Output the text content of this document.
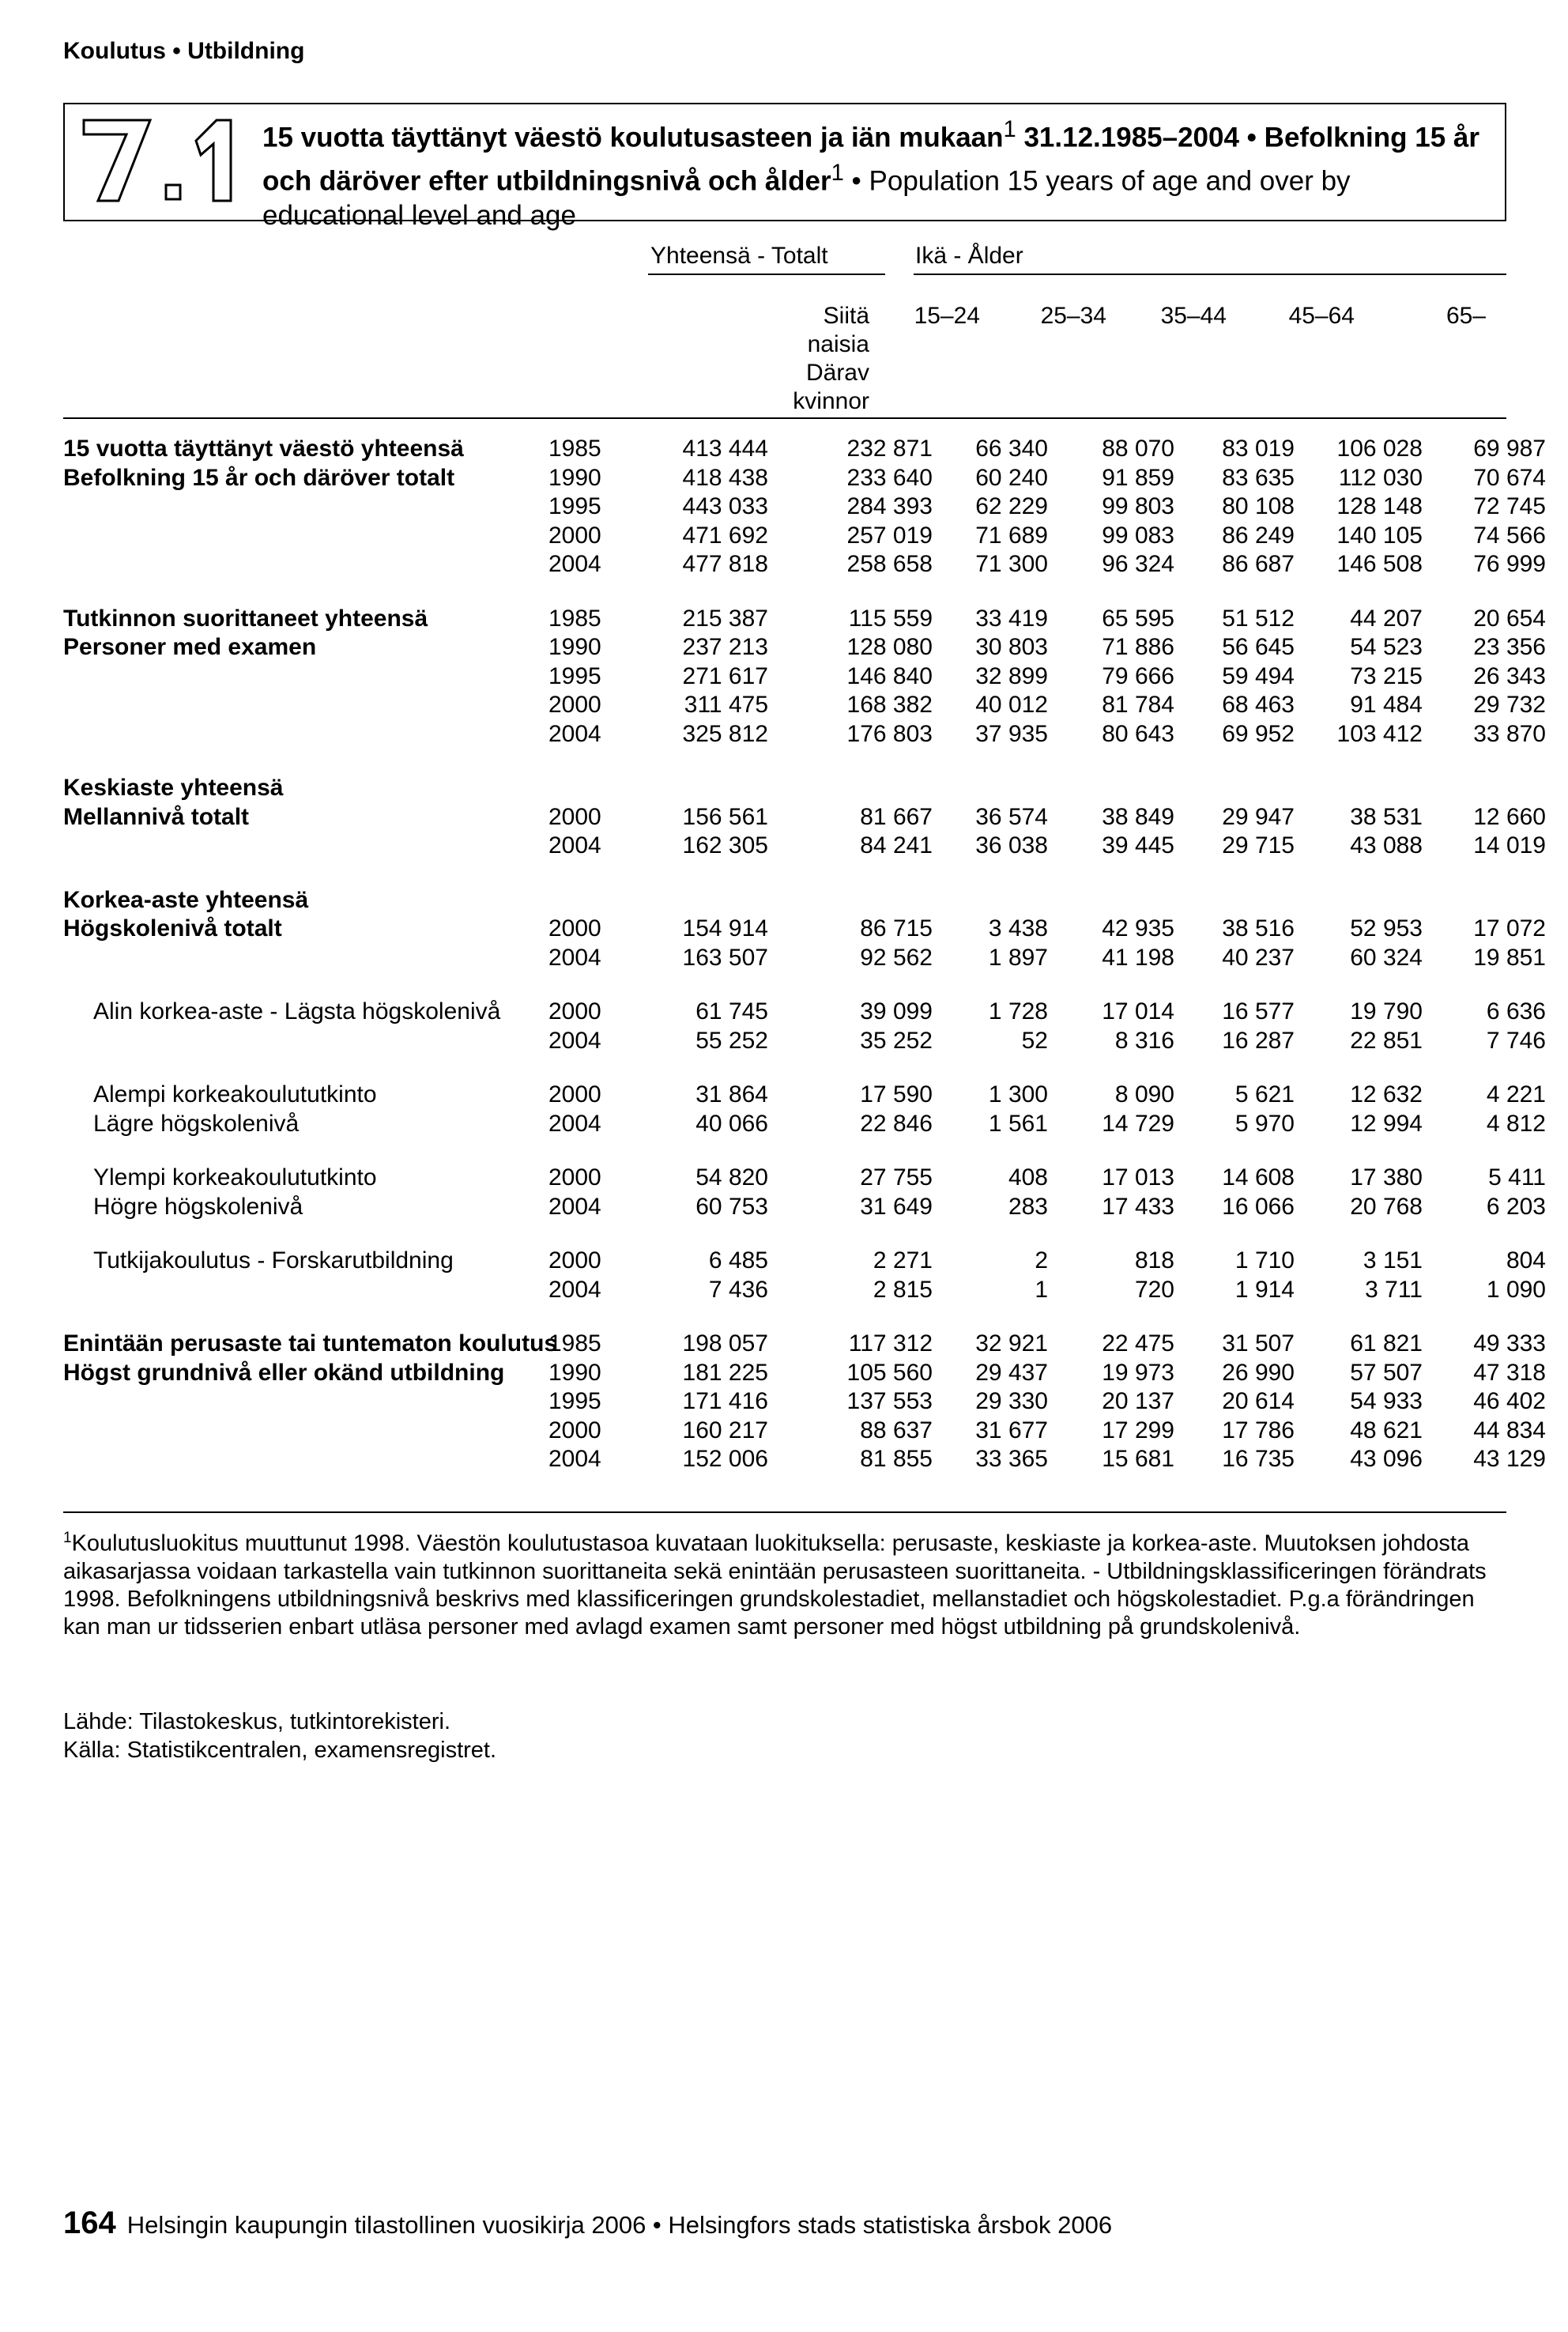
Koulutus • Utbildning
15 vuotta täyttänyt väestö koulutusasteen ja iän mukaan$^1$ 31.12.1985–2004 • Befolkning 15 år och däröver efter utbildningsnivå och ålder$^1$ • Population 15 years of age and over by educational level and age
Yhteensä - Totalt	Ikä - Ålder
Siitä
naisia
Därav
kvinnor
15–24	25–34	35–44	45–64	65–
15 vuotta täyttänyt väestö yhteensä	1985	413 444	232 871	66 340	88 070	83 019	106 028	69 987
Befolkning 15 år och däröver totalt	1990	418 438	233 640	60 240	91 859	83 635	112 030	70 674
	1995	443 033	284 393	62 229	99 803	80 108	128 148	72 745
	2000	471 692	257 019	71 689	99 083	86 249	140 105	74 566
	2004	477 818	258 658	71 300	96 324	86 687	146 508	76 999

Tutkinnon suorittaneet yhteensä	1985	215 387	115 559	33 419	65 595	51 512	44 207	20 654
Personer med examen	1990	237 213	128 080	30 803	71 886	56 645	54 523	23 356
	1995	271 617	146 840	32 899	79 666	59 494	73 215	26 343
	2000	311 475	168 382	40 012	81 784	68 463	91 484	29 732
	2004	325 812	176 803	37 935	80 643	69 952	103 412	33 870

Keskiaste yhteensä								
Mellannivå totalt	2000	156 561	81 667	36 574	38 849	29 947	38 531	12 660
	2004	162 305	84 241	36 038	39 445	29 715	43 088	14 019

Korkea-aste yhteensä								
Högskolenivå totalt	2000	154 914	86 715	3 438	42 935	38 516	52 953	17 072
	2004	163 507	92 562	1 897	41 198	40 237	60 324	19 851

Alin korkea-aste - Lägsta högskolenivå	2000	61 745	39 099	1 728	17 014	16 577	19 790	6 636
	2004	55 252	35 252	52	8 316	16 287	22 851	7 746

Alempi korkeakoulututkinto	2000	31 864	17 590	1 300	8 090	5 621	12 632	4 221
Lägre högskolenivå	2004	40 066	22 846	1 561	14 729	5 970	12 994	4 812

Ylempi korkeakoulututkinto	2000	54 820	27 755	408	17 013	14 608	17 380	5 411
Högre högskolenivå	2004	60 753	31 649	283	17 433	16 066	20 768	6 203

Tutkijakoulutus - Forskarutbildning	2000	6 485	2 271	2	818	1 710	3 151	804
	2004	7 436	2 815	1	720	1 914	3 711	1 090

Enintään perusaste tai tuntematon koulutus	1985	198 057	117 312	32 921	22 475	31 507	61 821	49 333
Högst grundnivå eller okänd utbildning	1990	181 225	105 560	29 437	19 973	26 990	57 507	47 318
	1995	171 416	137 553	29 330	20 137	20 614	54 933	46 402
	2000	160 217	88 637	31 677	17 299	17 786	48 621	44 834
	2004	152 006	81 855	33 365	15 681	16 735	43 096	43 129
$^1$Koulutusluokitus muuttunut 1998. Väestön koulutustasoa kuvataan luokituksella: perusaste, keskiaste ja korkea-aste. Muutoksen johdosta aikasarjassa voidaan tarkastella vain tutkinnon suorittaneita sekä enintään perusasteen suorittaneita. - Utbildningsklassificeringen förändrats 1998. Befolkningens utbildningsnivå beskrivs med klassificeringen grundskolestadiet, mellanstadiet och högskolestadiet. P.g.a förändringen kan man ur tidsserien enbart utläsa personer med avlagd examen samt personer med högst utbildning på grundskolenivå.
Lähde: Tilastokeskus, tutkintorekisteri.
Källa: Statistikcentralen, examensregistret.
164 Helsingin kaupungin tilastollinen vuosikirja 2006 • Helsingfors stads statistiska årsbok 2006
